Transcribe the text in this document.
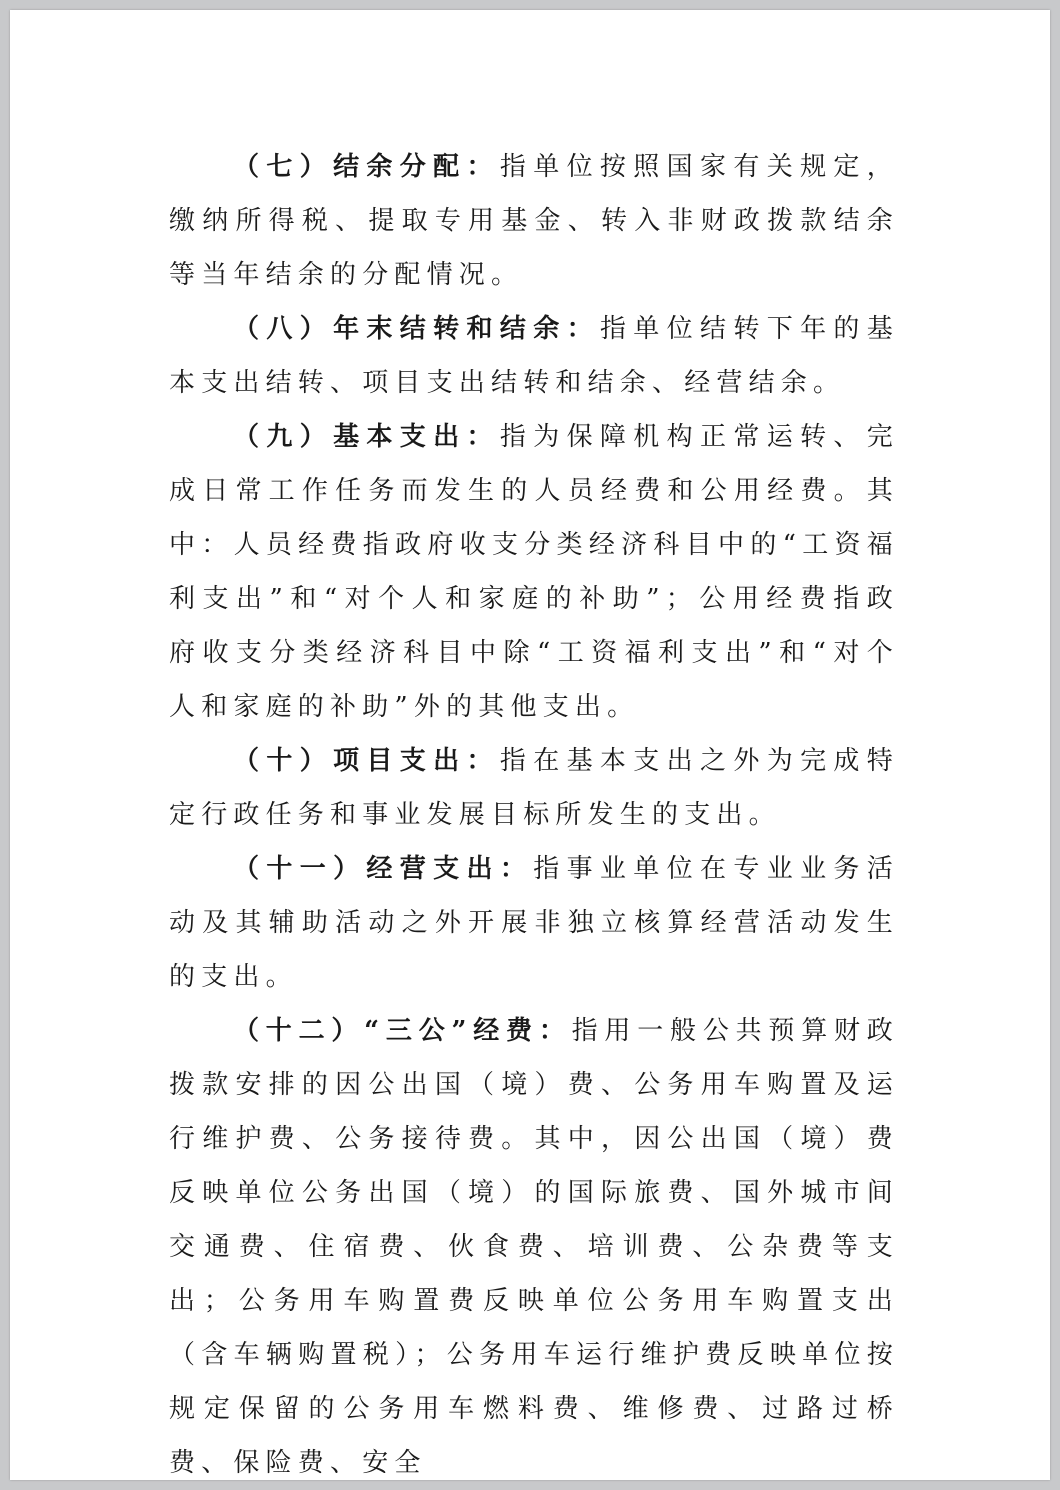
（七）结余分配：指单位按照国家有关规定，缴纳所得税、提取专用基金、转入非财政拨款结余等当年结余的分配情况。

（八）年末结转和结余：指单位结转下年的基本支出结转、项目支出结转和结余、经营结余。

（九）基本支出：指为保障机构正常运转、完成日常工作任务而发生的人员经费和公用经费。其中：人员经费指政府收支分类经济科目中的“工资福利支出”和“对个人和家庭的补助”；公用经费指政府收支分类经济科目中除“工资福利支出”和“对个人和家庭的补助”外的其他支出。

（十）项目支出：指在基本支出之外为完成特定行政任务和事业发展目标所发生的支出。

（十一）经营支出：指事业单位在专业业务活动及其辅助活动之外开展非独立核算经营活动发生的支出。

（十二）“三公”经费：指用一般公共预算财政拨款安排的因公出国（境）费、公务用车购置及运行维护费、公务接待费。其中，因公出国（境）费反映单位公务出国（境）的国际旅费、国外城市间交通费、住宿费、伙食费、培训费、公杂费等支出；公务用车购置费反映单位公务用车购置支出（含车辆购置税）；公务用车运行维护费反映单位按规定保留的公务用车燃料费、维修费、过路过桥费、保险费、安全
